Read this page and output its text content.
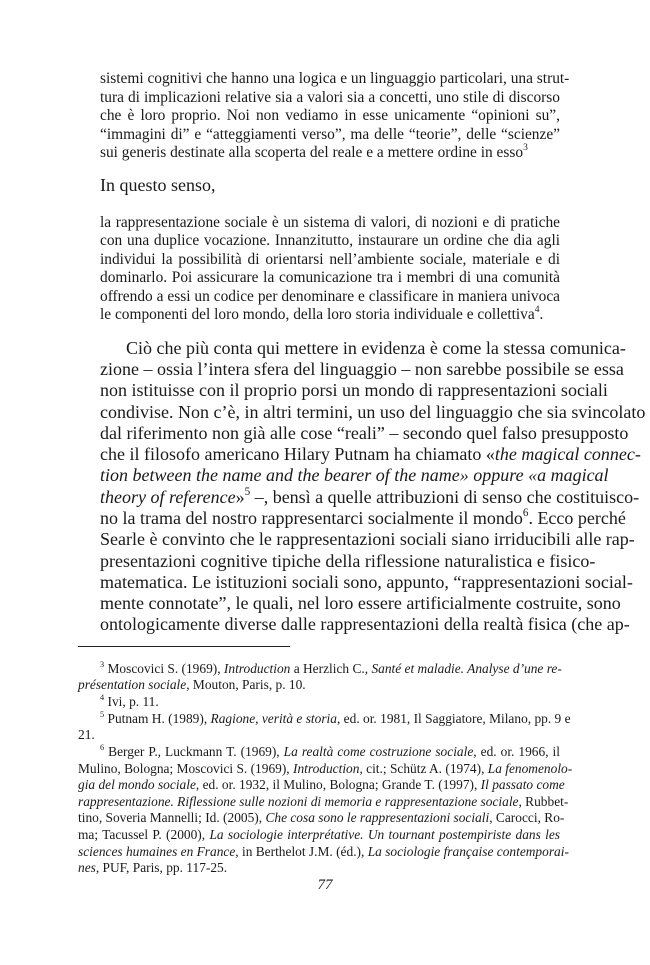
sistemi cognitivi che hanno una logica e un linguaggio particolari, una strut-
tura di implicazioni relative sia a valori sia a concetti, uno stile di discorso
che è loro proprio. Noi non vediamo in esse unicamente “opinioni su”,
“immagini di” e “atteggiamenti verso”, ma delle “teorie”, delle “scienze”
sui generis destinate alla scoperta del reale e a mettere ordine in esso$^3$
In questo senso,
la rappresentazione sociale è un sistema di valori, di nozioni e di pratiche
con una duplice vocazione. Innanzitutto, instaurare un ordine che dia agli
individui la possibilità di orientarsi nell’ambiente sociale, materiale e di
dominarlo. Poi assicurare la comunicazione tra i membri di una comunità
offrendo a essi un codice per denominare e classificare in maniera univoca
le componenti del loro mondo, della loro storia individuale e collettiva$^4$.
Ciò che più conta qui mettere in evidenza è come la stessa comunica-
zione – ossia l’intera sfera del linguaggio – non sarebbe possibile se essa
non istituisse con il proprio porsi un mondo di rappresentazioni sociali
condivise. Non c’è, in altri termini, un uso del linguaggio che sia svincolato
dal riferimento non già alle cose “reali” – secondo quel falso presupposto
che il filosofo americano Hilary Putnam ha chiamato «the magical connec-
tion between the name and the bearer of the name» oppure «a magical
theory of reference»$^5$ –, bensì a quelle attribuzioni di senso che costituisco-
no la trama del nostro rappresentarci socialmente il mondo$^6$. Ecco perché
Searle è convinto che le rappresentazioni sociali siano irriducibili alle rap-
presentazioni cognitive tipiche della riflessione naturalistica e fisico-
matematica. Le istituzioni sociali sono, appunto, “rappresentazioni social-
mente connotate”, le quali, nel loro essere artificialmente costruite, sono
ontologicamente diverse dalle rappresentazioni della realtà fisica (che ap-
$^3$ Moscovici S. (1969), Introduction a Herzlich C., Santé et maladie. Analyse d’une re-
présentation sociale, Mouton, Paris, p. 10.
$^4$ Ivi, p. 11.
$^5$ Putnam H. (1989), Ragione, verità e storia, ed. or. 1981, Il Saggiatore, Milano, pp. 9 e
21.
$^6$ Berger P., Luckmann T. (1969), La realtà come costruzione sociale, ed. or. 1966, il
Mulino, Bologna; Moscovici S. (1969), Introduction, cit.; Schütz A. (1974), La fenomenolo-
gia del mondo sociale, ed. or. 1932, il Mulino, Bologna; Grande T. (1997), Il passato come
rappresentazione. Riflessione sulle nozioni di memoria e rappresentazione sociale, Rubbet-
tino, Soveria Mannelli; Id. (2005), Che cosa sono le rappresentazioni sociali, Carocci, Ro-
ma; Tacussel P. (2000), La sociologie interprétative. Un tournant postempiriste dans les
sciences humaines en France, in Berthelot J.M. (éd.), La sociologie française contemporai-
nes, PUF, Paris, pp. 117-25.
77
